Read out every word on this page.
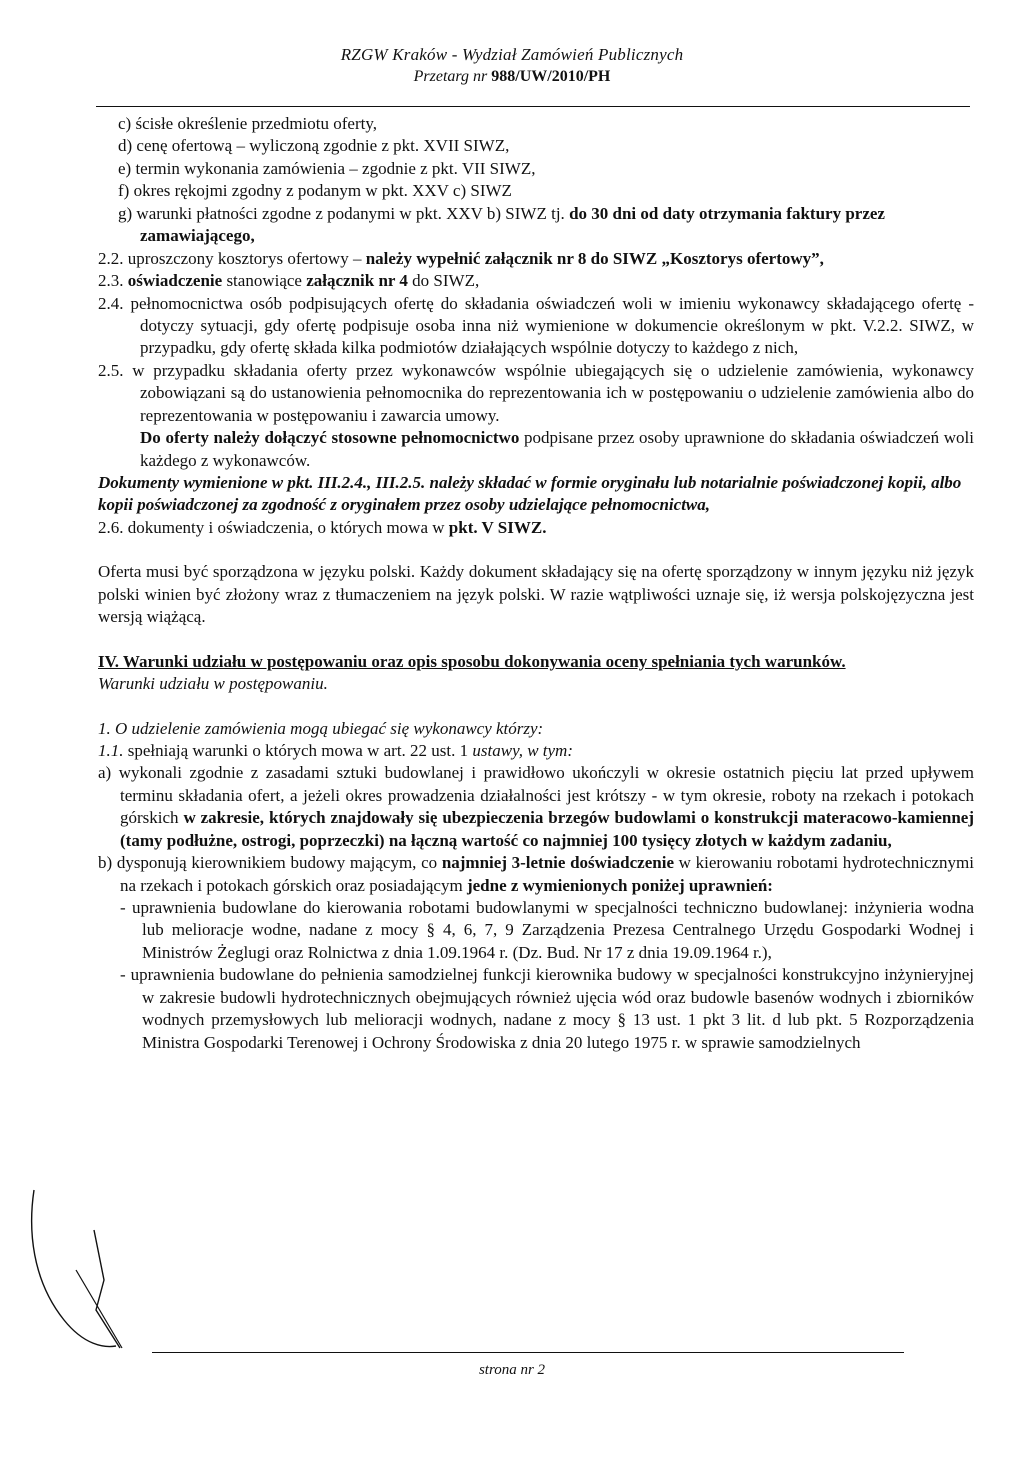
RZGW Kraków - Wydział Zamówień Publicznych
Przetarg nr 988/UW/2010/PH

c) ścisłe określenie przedmiotu oferty,

d) cenę ofertową – wyliczoną zgodnie z pkt. XVII SIWZ,

e) termin wykonania zamówienia – zgodnie z pkt. VII SIWZ,

f) okres rękojmi zgodny z podanym w pkt. XXV c) SIWZ

g) warunki płatności zgodne z podanymi w pkt. XXV b) SIWZ tj. do 30 dni od daty otrzymania faktury przez zamawiającego,

2.2. uproszczony kosztorys ofertowy – należy wypełnić załącznik nr 8 do SIWZ „Kosztorys ofertowy”,

2.3. oświadczenie stanowiące załącznik nr 4 do SIWZ,

2.4. pełnomocnictwa osób podpisujących ofertę do składania oświadczeń woli w imieniu wykonawcy składającego ofertę - dotyczy sytuacji, gdy ofertę podpisuje osoba inna niż wymienione w dokumencie określonym w pkt. V.2.2. SIWZ, w przypadku, gdy ofertę składa kilka podmiotów działających wspólnie dotyczy to każdego z nich,

2.5. w przypadku składania oferty przez wykonawców wspólnie ubiegających się o udzielenie zamówienia, wykonawcy zobowiązani są do ustanowienia pełnomocnika do reprezentowania ich w postępowaniu o udzielenie zamówienia albo do reprezentowania w postępowaniu i zawarcia umowy.

Do oferty należy dołączyć stosowne pełnomocnictwo podpisane przez osoby uprawnione do składania oświadczeń woli każdego z wykonawców.

Dokumenty wymienione w pkt. III.2.4., III.2.5. należy składać w formie oryginału lub notarialnie poświadczonej kopii, albo kopii poświadczonej za zgodność z oryginałem przez osoby udzielające pełnomocnictwa,

2.6. dokumenty i oświadczenia, o których mowa w pkt. V SIWZ.

Oferta musi być sporządzona w języku polski. Każdy dokument składający się na ofertę sporządzony w innym języku niż język polski winien być złożony wraz z tłumaczeniem na język polski. W razie wątpliwości uznaje się, iż wersja polskojęzyczna jest wersją wiążącą.

IV. Warunki udziału w postępowaniu oraz opis sposobu dokonywania oceny spełniania tych warunków.

Warunki udziału w postępowaniu.

1. O udzielenie zamówienia mogą ubiegać się wykonawcy którzy:

1.1. spełniają warunki o których mowa w art. 22 ust. 1 ustawy, w tym:

a) wykonali zgodnie z zasadami sztuki budowlanej i prawidłowo ukończyli w okresie ostatnich pięciu lat przed upływem terminu składania ofert, a jeżeli okres prowadzenia działalności jest krótszy - w tym okresie, roboty na rzekach i potokach górskich w zakresie, których znajdowały się ubezpieczenia brzegów budowlami o konstrukcji materacowo-kamiennej (tamy podłużne, ostrogi, poprzeczki) na łączną wartość co najmniej 100 tysięcy złotych w każdym zadaniu,

b) dysponują kierownikiem budowy mającym, co najmniej 3-letnie doświadczenie w kierowaniu robotami hydrotechnicznymi na rzekach i potokach górskich oraz posiadającym jedne z wymienionych poniżej uprawnień:

- uprawnienia budowlane do kierowania robotami budowlanymi w specjalności techniczno budowlanej: inżynieria wodna lub melioracje wodne, nadane z mocy § 4, 6, 7, 9 Zarządzenia Prezesa Centralnego Urzędu Gospodarki Wodnej i Ministrów Żeglugi oraz Rolnictwa z dnia 1.09.1964 r. (Dz. Bud. Nr 17 z dnia 19.09.1964 r.),

- uprawnienia budowlane do pełnienia samodzielnej funkcji kierownika budowy w specjalności konstrukcyjno inżynieryjnej w zakresie budowli hydrotechnicznych obejmujących również ujęcia wód oraz budowle basenów wodnych i zbiorników wodnych przemysłowych lub melioracji wodnych, nadane z mocy § 13 ust. 1 pkt 3 lit. d lub pkt. 5 Rozporządzenia Ministra Gospodarki Terenowej i Ochrony Środowiska z dnia 20 lutego 1975 r. w sprawie samodzielnych

strona nr 2
